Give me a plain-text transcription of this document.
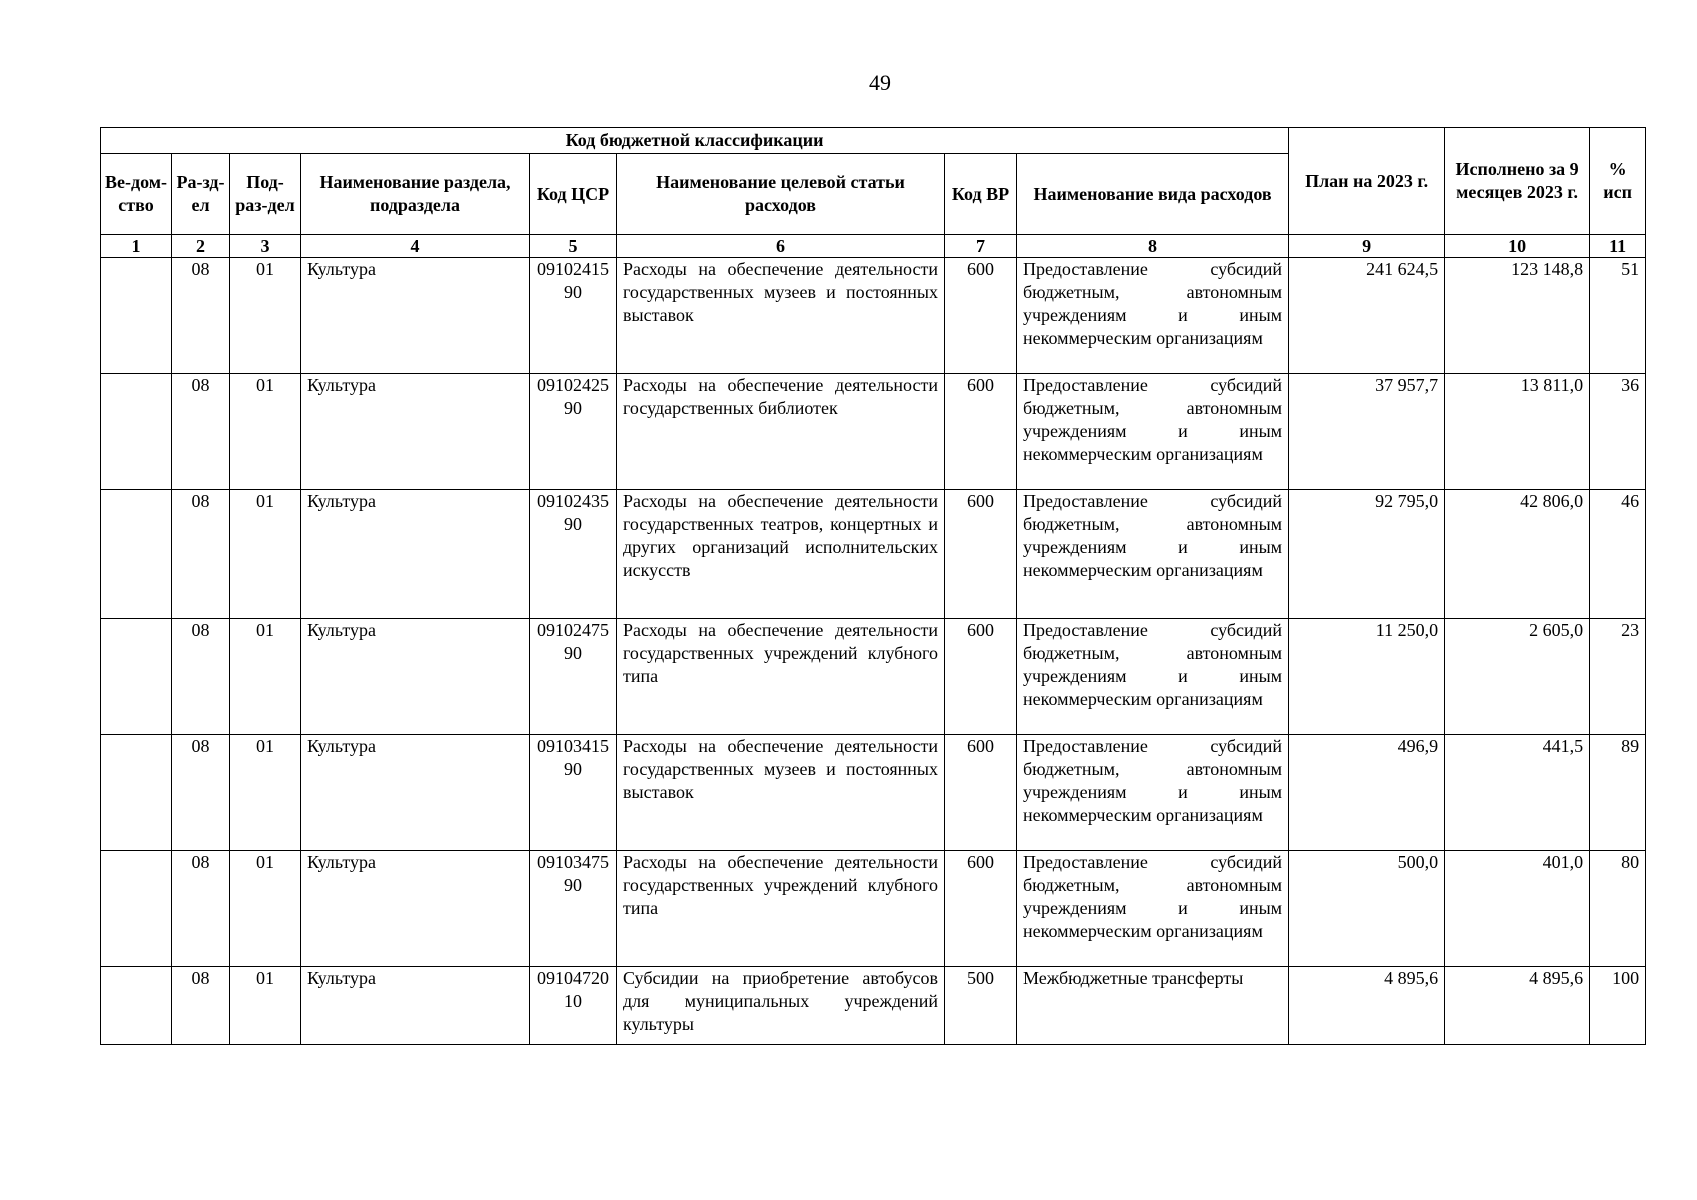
49
Код бюджетной классификации								План на 2023 г.	Исполнено за 9 месяцев 2023 г.	% исп
Ве-дом-ство	Ра-зд-ел	Под-раз-дел	Наименование раздела, подраздела	Код ЦСР	Наименование целевой статьи расходов	Код ВР	Наименование вида расходов			
1	2	3	4	5	6	7	8	9	10	11
	08	01	Культура	0910241590	Расходы на обеспечение деятельности государственных музеев и постоянных выставок	600	Предоставление субсидий бюджетным, автономным учреждениям и иным некоммерческим организациям	241 624,5	123 148,8	51
	08	01	Культура	0910242590	Расходы на обеспечение деятельности государственных библиотек	600	Предоставление субсидий бюджетным, автономным учреждениям и иным некоммерческим организациям	37 957,7	13 811,0	36
	08	01	Культура	0910243590	Расходы на обеспечение деятельности государственных театров, концертных и других организаций исполнительских искусств	600	Предоставление субсидий бюджетным, автономным учреждениям и иным некоммерческим организациям	92 795,0	42 806,0	46
	08	01	Культура	0910247590	Расходы на обеспечение деятельности государственных учреждений клубного типа	600	Предоставление субсидий бюджетным, автономным учреждениям и иным некоммерческим организациям	11 250,0	2 605,0	23
	08	01	Культура	0910341590	Расходы на обеспечение деятельности государственных музеев и постоянных выставок	600	Предоставление субсидий бюджетным, автономным учреждениям и иным некоммерческим организациям	496,9	441,5	89
	08	01	Культура	0910347590	Расходы на обеспечение деятельности государственных учреждений клубного типа	600	Предоставление субсидий бюджетным, автономным учреждениям и иным некоммерческим организациям	500,0	401,0	80
	08	01	Культура	0910472010	Субсидии на приобретение автобусов для муниципальных учреждений культуры	500	Межбюджетные трансферты	4 895,6	4 895,6	100
